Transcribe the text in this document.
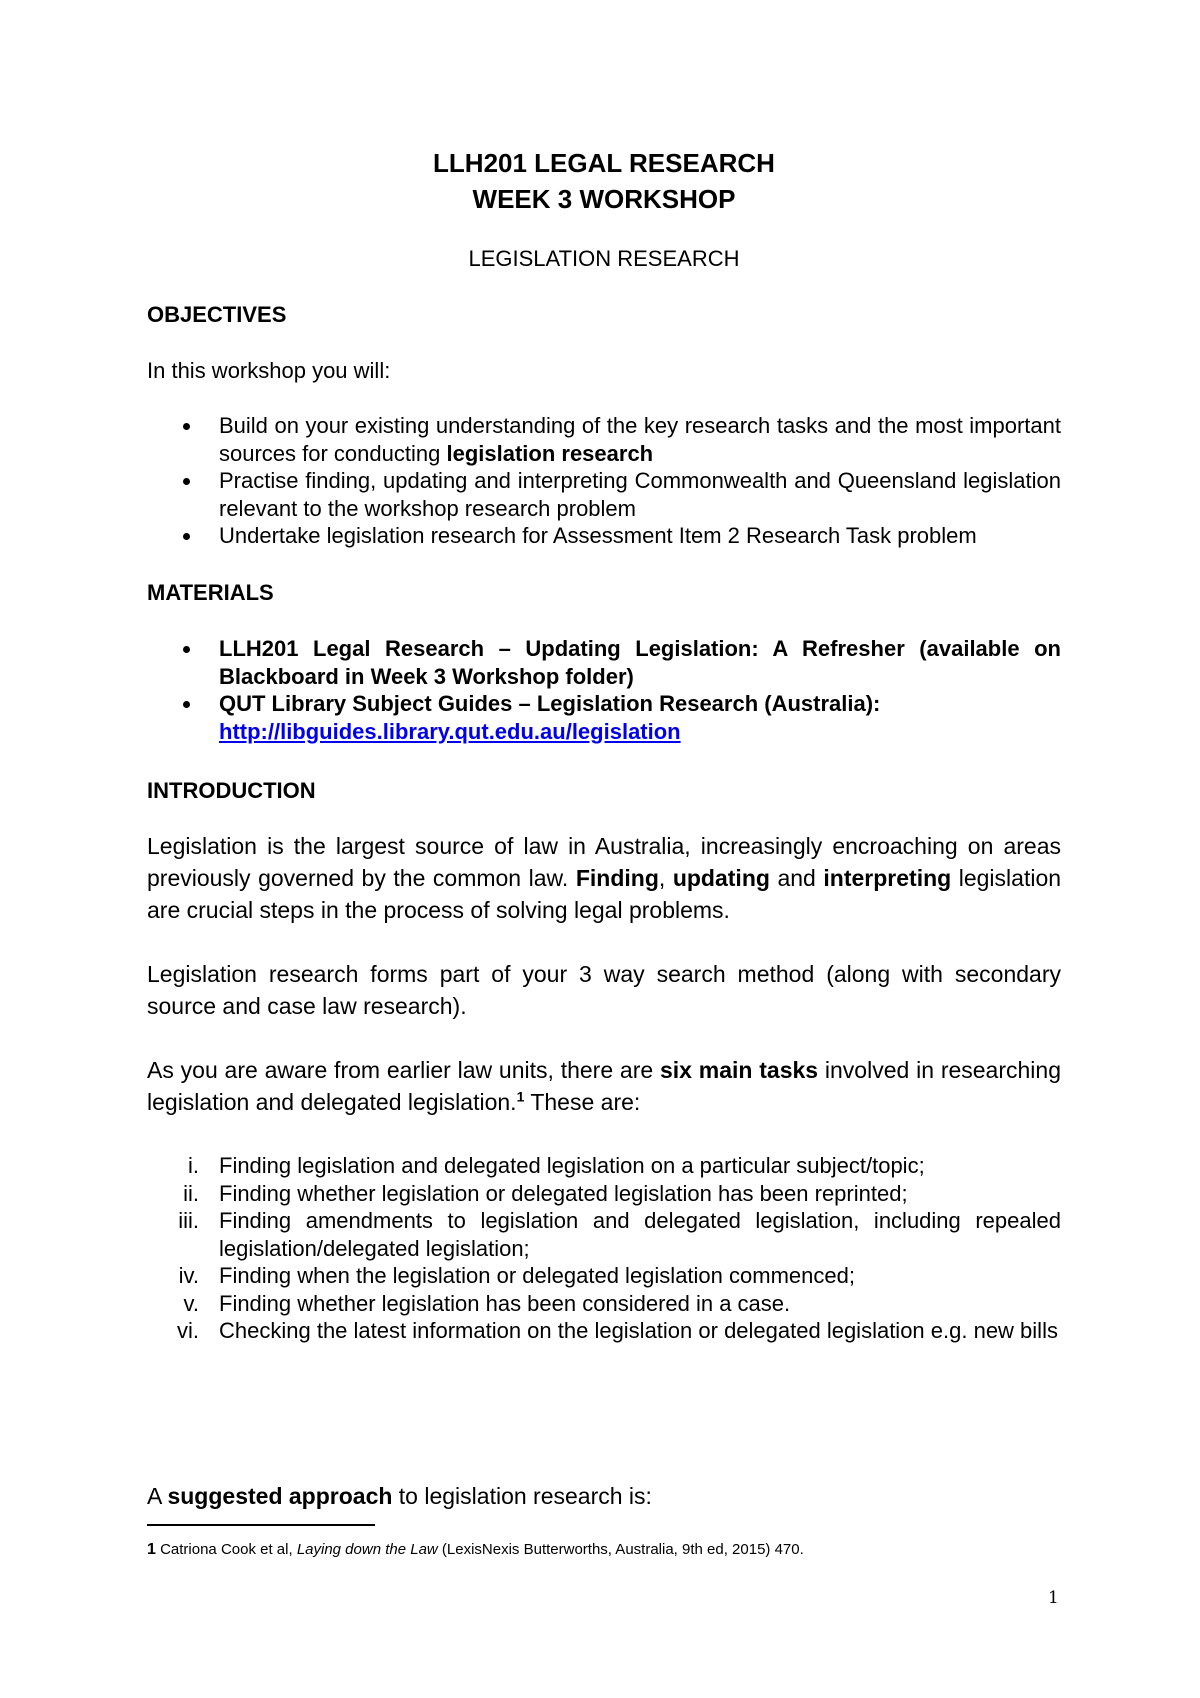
LLH201 LEGAL RESEARCH
WEEK 3 WORKSHOP
LEGISLATION RESEARCH
OBJECTIVES
In this workshop you will:
Build on your existing understanding of the key research tasks and the most important sources for conducting legislation research
Practise finding, updating and interpreting Commonwealth and Queensland legislation relevant to the workshop research problem
Undertake legislation research for Assessment Item 2 Research Task problem
MATERIALS
LLH201 Legal Research – Updating Legislation: A Refresher (available on Blackboard in Week 3 Workshop folder)
QUT Library Subject Guides – Legislation Research (Australia):
http://libguides.library.qut.edu.au/legislation
INTRODUCTION
Legislation is the largest source of law in Australia, increasingly encroaching on areas previously governed by the common law. Finding, updating and interpreting legislation are crucial steps in the process of solving legal problems.
Legislation research forms part of your 3 way search method (along with secondary source and case law research).
As you are aware from earlier law units, there are six main tasks involved in researching legislation and delegated legislation.$^1$ These are:
i. Finding legislation and delegated legislation on a particular subject/topic;
ii. Finding whether legislation or delegated legislation has been reprinted;
iii. Finding amendments to legislation and delegated legislation, including repealed legislation/delegated legislation;
iv. Finding when the legislation or delegated legislation commenced;
v. Finding whether legislation has been considered in a case.
vi. Checking the latest information on the legislation or delegated legislation e.g. new bills
A suggested approach to legislation research is:
1 Catriona Cook et al, Laying down the Law (LexisNexis Butterworths, Australia, 9th ed, 2015) 470.
1
